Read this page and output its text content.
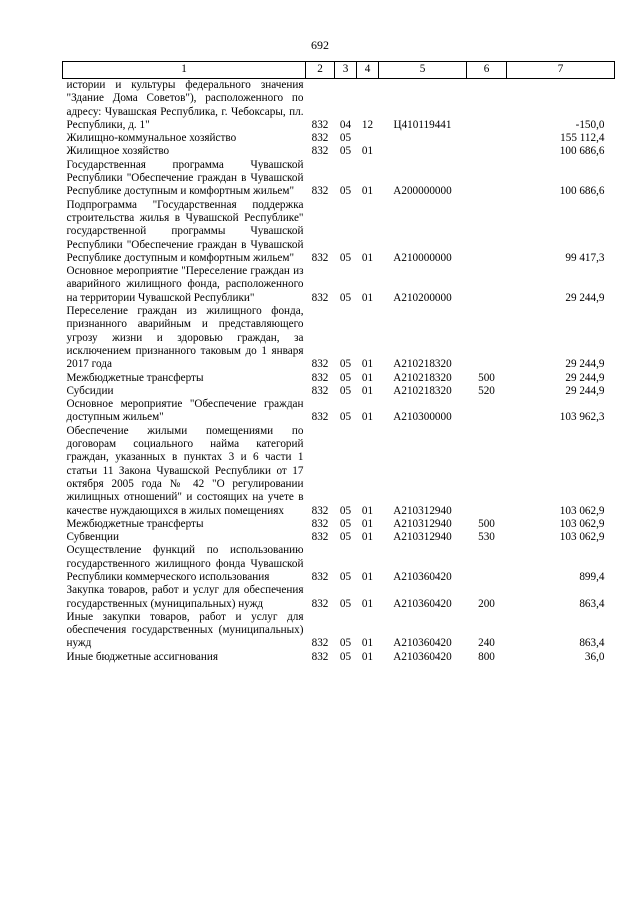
692
1	2	3	4	5	6	7
истории и культуры федерального значения "Здание Дома Советов"), расположенного по адресу: Чувашская Республика, г. Чебоксары, пл. Республики, д. 1"	832	04	12	Ц410119441		-150,0
Жилищно-коммунальное хозяйство	832	05				155 112,4
Жилищное хозяйство	832	05	01			100 686,6
Государственная программа Чувашской Республики "Обеспечение граждан в Чувашской Республике доступным и комфортным жильем"	832	05	01	А200000000		100 686,6
Подпрограмма "Государственная поддержка строительства жилья в Чувашской Республике" государственной программы Чувашской Республики "Обеспечение граждан в Чувашской Республике доступным и комфортным жильем"	832	05	01	А210000000		99 417,3
Основное мероприятие "Переселение граждан из аварийного жилищного фонда, расположенного на территории Чувашской Республики"	832	05	01	А210200000		29 244,9
Переселение граждан из жилищного фонда, признанного аварийным и представляющего угрозу жизни и здоровью граждан, за исключением признанного таковым до 1 января 2017 года	832	05	01	А210218320		29 244,9
Межбюджетные трансферты	832	05	01	А210218320	500	29 244,9
Субсидии	832	05	01	А210218320	520	29 244,9
Основное мероприятие "Обеспечение граждан доступным жильем"	832	05	01	А210300000		103 962,3
Обеспечение жилыми помещениями по договорам социального найма категорий граждан, указанных в пунктах 3 и 6 части 1 статьи 11 Закона Чувашской Республики от 17 октября 2005 года № 42 "О регулировании жилищных отношений" и состоящих на учете в качестве нуждающихся в жилых помещениях	832	05	01	А210312940		103 062,9
Межбюджетные трансферты	832	05	01	А210312940	500	103 062,9
Субвенции	832	05	01	А210312940	530	103 062,9
Осуществление функций по использованию государственного жилищного фонда Чувашской Республики коммерческого использования	832	05	01	А210360420		899,4
Закупка товаров, работ и услуг для обеспечения государственных (муниципальных) нужд	832	05	01	А210360420	200	863,4
Иные закупки товаров, работ и услуг для обеспечения государственных (муниципальных) нужд	832	05	01	А210360420	240	863,4
Иные бюджетные ассигнования	832	05	01	А210360420	800	36,0
